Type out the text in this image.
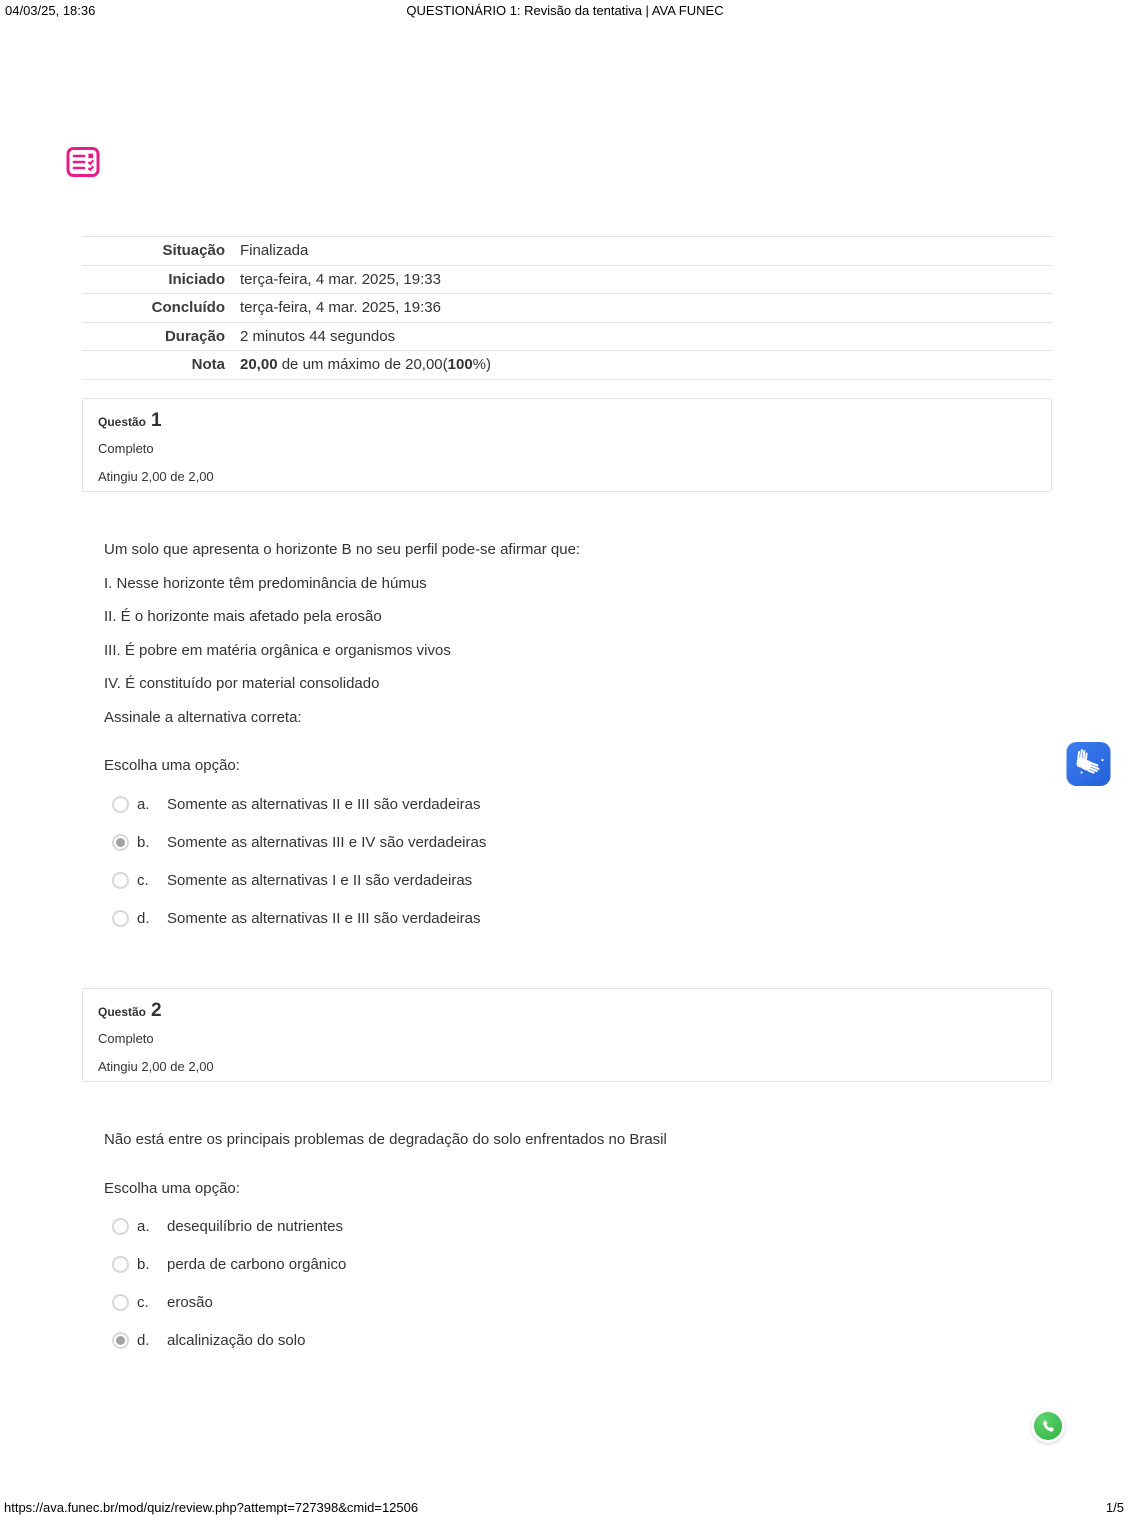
04/03/25, 18:36	QUESTIONÁRIO 1: Revisão da tentativa | AVA FUNEC
Situação	Finalizada
Iniciado	terça-feira, 4 mar. 2025, 19:33
Concluído	terça-feira, 4 mar. 2025, 19:36
Duração	2 minutos 44 segundos
Nota	20,00 de um máximo de 20,00(100%)
Questão 1
Completo
Atingiu 2,00 de 2,00

Um solo que apresenta o horizonte B no seu perfil pode-se afirmar que:

I. Nesse horizonte têm predominância de húmus

II. É o horizonte mais afetado pela erosão

III. É pobre em matéria orgânica e organismos vivos

IV. É constituído por material consolidado

Assinale a alternativa correta:

Escolha uma opção:
a.	Somente as alternativas II e III são verdadeiras
b.	Somente as alternativas III e IV são verdadeiras
c.	Somente as alternativas I e II são verdadeiras
d.	Somente as alternativas II e III são verdadeiras
Questão 2
Completo
Atingiu 2,00 de 2,00

Não está entre os principais problemas de degradação do solo enfrentados no Brasil

Escolha uma opção:
a.	desequilíbrio de nutrientes
b.	perda de carbono orgânico
c.	erosão
d.	alcalinização do solo
https://ava.funec.br/mod/quiz/review.php?attempt=727398&cmid=12506	1/5
